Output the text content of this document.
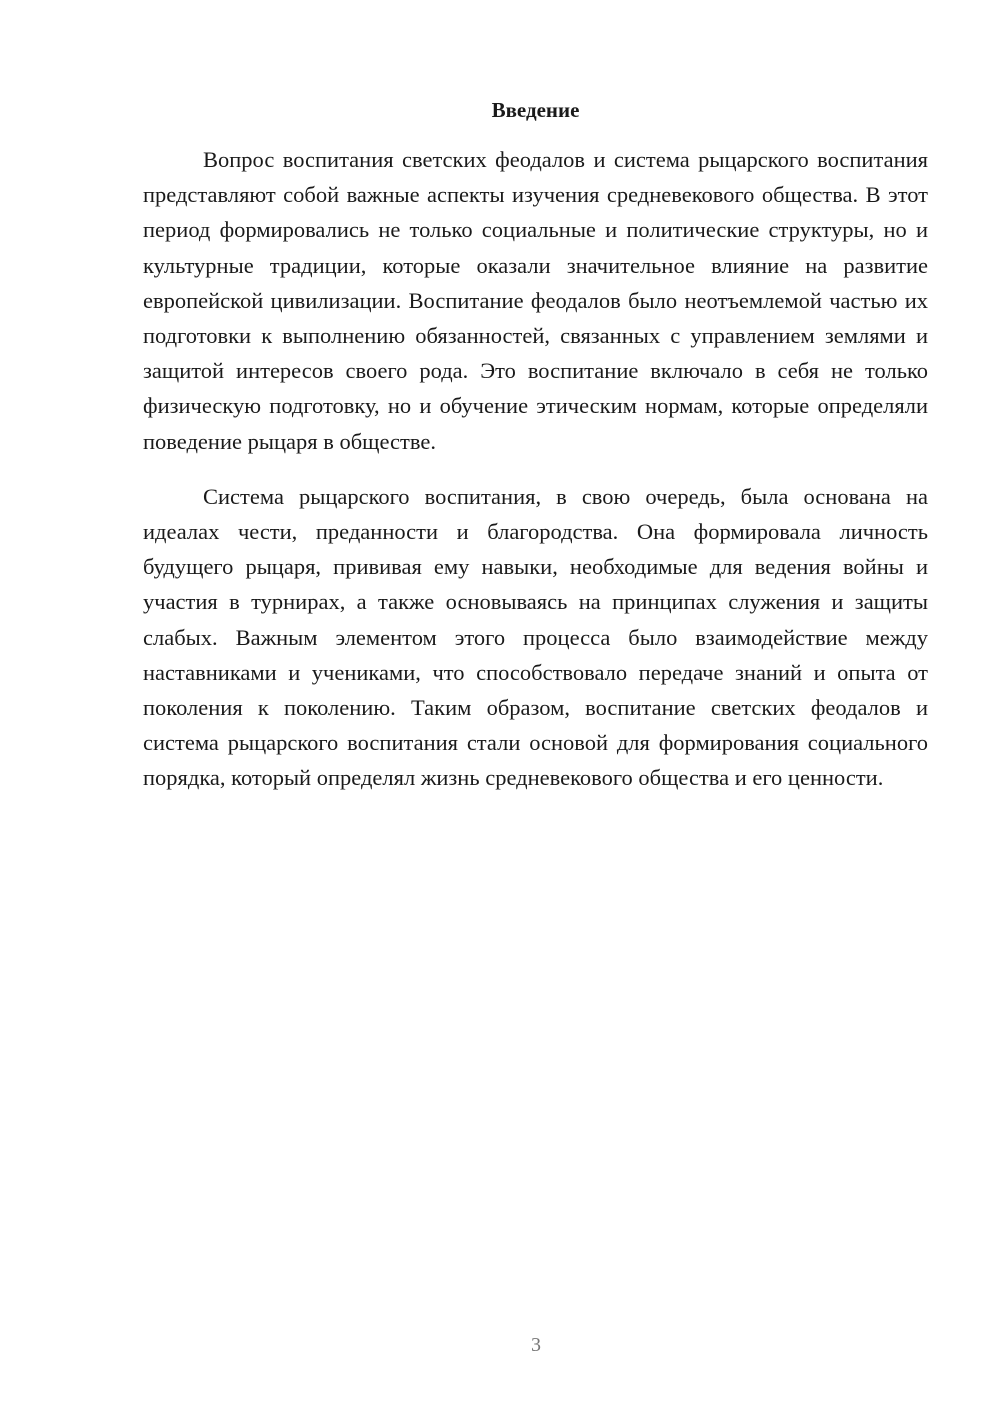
Введение

Вопрос воспитания светских феодалов и система рыцарского воспитания представляют собой важные аспекты изучения средневекового общества. В этот период формировались не только социальные и политические структуры, но и культурные традиции, которые оказали значительное влияние на развитие европейской цивилизации. Воспитание феодалов было неотъемлемой частью их подготовки к выполнению обязанностей, связанных с управлением землями и защитой интересов своего рода. Это воспитание включало в себя не только физическую подготовку, но и обучение этическим нормам, которые определяли поведение рыцаря в обществе.

Система рыцарского воспитания, в свою очередь, была основана на идеалах чести, преданности и благородства. Она формировала личность будущего рыцаря, прививая ему навыки, необходимые для ведения войны и участия в турнирах, а также основываясь на принципах служения и защиты слабых. Важным элементом этого процесса было взаимодействие между наставниками и учениками, что способствовало передаче знаний и опыта от поколения к поколению. Таким образом, воспитание светских феодалов и система рыцарского воспитания стали основой для формирования социального порядка, который определял жизнь средневекового общества и его ценности.

3
